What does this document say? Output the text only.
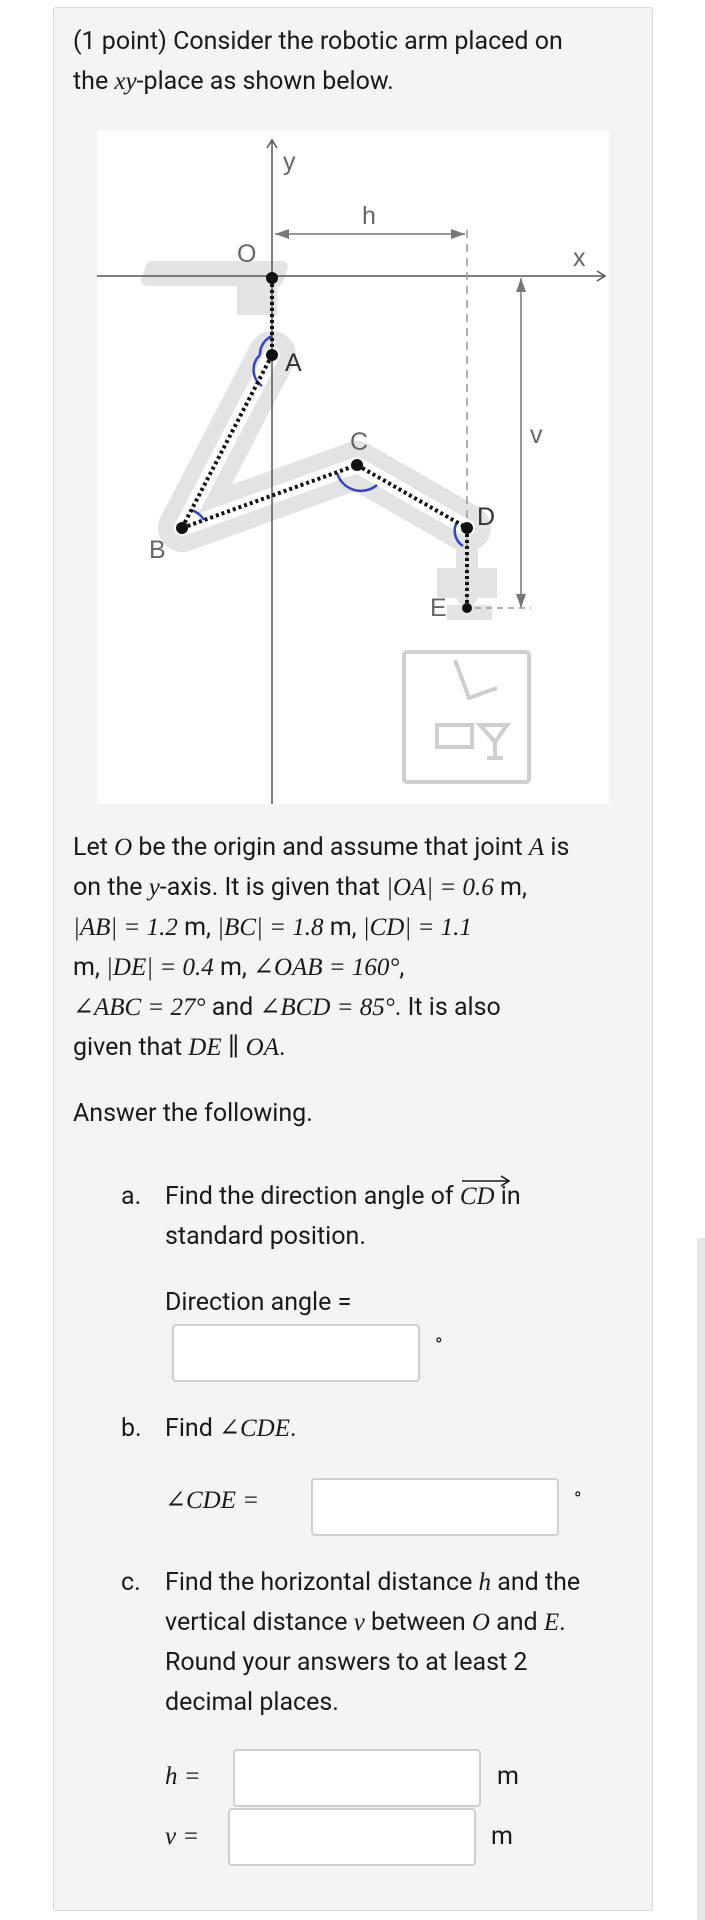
(1 point) Consider the robotic arm placed on
the xy-place as shown below.
y
x
h
v
O
A
B
C
D
E
Let O be the origin and assume that joint A is
on the y-axis. It is given that |OA| = 0.6 m,
|AB| = 1.2 m, |BC| = 1.8 m, |CD| = 1.1
m, |DE| = 0.4 m, ∠OAB = 160°,
∠ABC = 27° and ∠BCD = 85°. It is also
given that DE ∥ OA.
Answer the following.
a. Find the direction angle of CD in
standard position.
Direction angle =
°
b. Find ∠CDE.
∠CDE =	°
c. Find the horizontal distance h and the
vertical distance v between O and E.
Round your answers to at least 2
decimal places.
h =	m
v =	m
